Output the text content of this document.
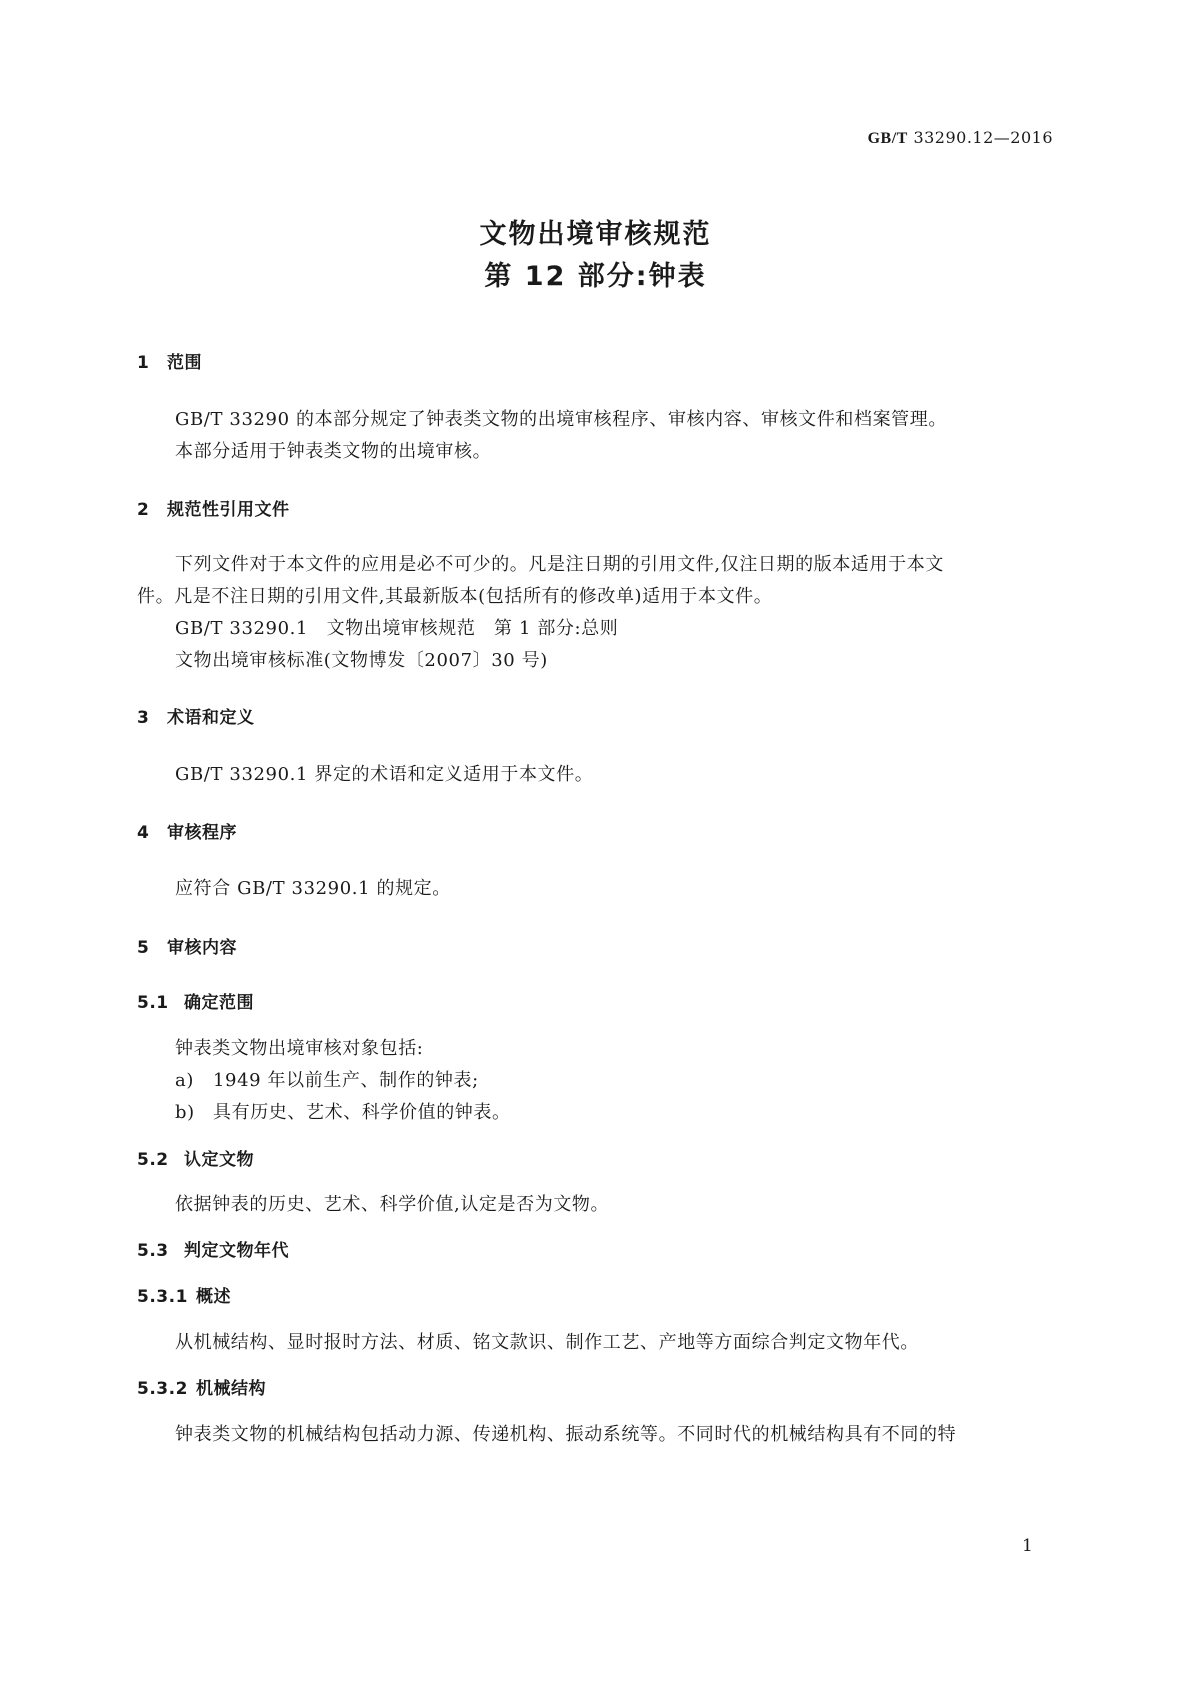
GB/T 33290.12—2016
文物出境审核规范
第 12 部分:钟表
1 范围
GB/T 33290 的本部分规定了钟表类文物的出境审核程序、审核内容、审核文件和档案管理。
本部分适用于钟表类文物的出境审核。
2 规范性引用文件
下列文件对于本文件的应用是必不可少的。凡是注日期的引用文件,仅注日期的版本适用于本文
件。凡是不注日期的引用文件,其最新版本(包括所有的修改单)适用于本文件。
GB/T 33290.1　文物出境审核规范　第 1 部分:总则
文物出境审核标准(文物博发〔2007〕30 号)
3 术语和定义
GB/T 33290.1 界定的术语和定义适用于本文件。
4 审核程序
应符合 GB/T 33290.1 的规定。
5 审核内容
5.1 确定范围
钟表类文物出境审核对象包括:
a) 1949 年以前生产、制作的钟表;
b) 具有历史、艺术、科学价值的钟表。
5.2 认定文物
依据钟表的历史、艺术、科学价值,认定是否为文物。
5.3 判定文物年代
5.3.1 概述
从机械结构、显时报时方法、材质、铭文款识、制作工艺、产地等方面综合判定文物年代。
5.3.2 机械结构
钟表类文物的机械结构包括动力源、传递机构、振动系统等。不同时代的机械结构具有不同的特
1
